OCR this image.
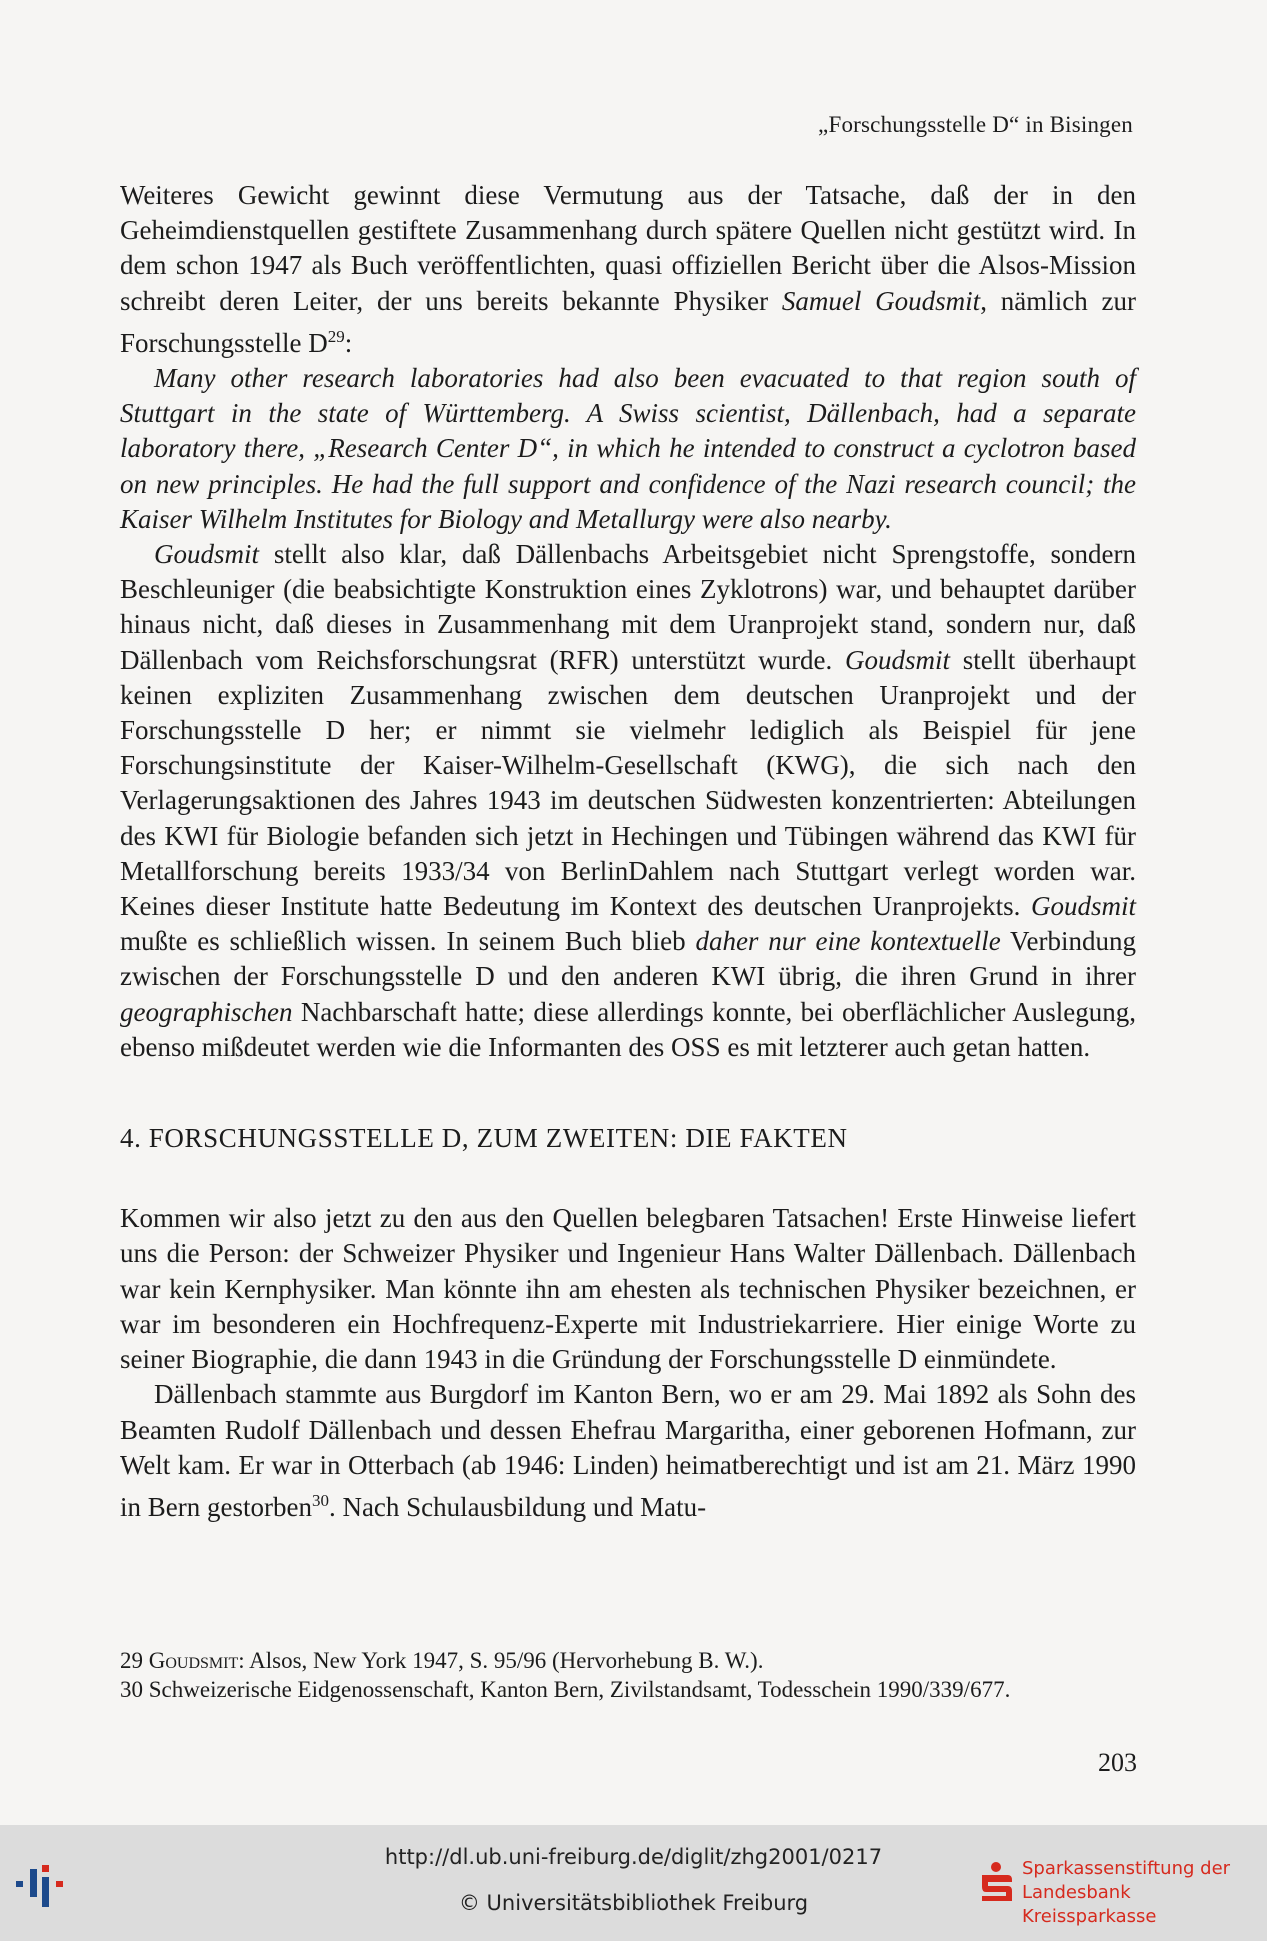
„Forschungsstelle D“ in Bisingen

Weiteres Gewicht gewinnt diese Vermutung aus der Tatsache, daß der in den Geheimdienstquellen gestiftete Zusammenhang durch spätere Quellen nicht gestützt wird. In dem schon 1947 als Buch veröffentlichten, quasi offiziellen Bericht über die Alsos-Mission schreibt deren Leiter, der uns bereits bekannte Physiker Samuel Goudsmit, nämlich zur Forschungsstelle $D^{29}$:

Many other research laboratories had also been evacuated to that region south of Stuttgart in the state of Württemberg. A Swiss scientist, Dällenbach, had a separate laboratory there, „Research Center D“, in which he intended to construct a cyclotron based on new principles. He had the full support and confidence of the Nazi research council; the Kaiser Wilhelm Institutes for Biology and Metallurgy were also nearby.

Goudsmit stellt also klar, daß Dällenbachs Arbeitsgebiet nicht Sprengstoffe, sondern Beschleuniger (die beabsichtigte Konstruktion eines Zyklotrons) war, und behauptet darüber hinaus nicht, daß dieses in Zusammenhang mit dem Uranprojekt stand, sondern nur, daß Dällenbach vom Reichsforschungsrat (RFR) unterstützt wurde. Goudsmit stellt überhaupt keinen expliziten Zusammenhang zwischen dem deutschen Uranprojekt und der Forschungsstelle D her; er nimmt sie vielmehr lediglich als Beispiel für jene Forschungsinstitute der Kaiser-Wilhelm-Gesellschaft (KWG), die sich nach den Verlagerungsaktionen des Jahres 1943 im deutschen Südwesten konzentrierten: Abteilungen des KWI für Biologie befanden sich jetzt in Hechingen und Tübingen während das KWI für Metallforschung bereits 1933/34 von BerlinDahlem nach Stuttgart verlegt worden war. Keines dieser Institute hatte Bedeutung im Kontext des deutschen Uranprojekts. Goudsmit mußte es schließlich wissen. In seinem Buch blieb daher nur eine kontextuelle Verbindung zwischen der Forschungsstelle D und den anderen KWI übrig, die ihren Grund in ihrer geographischen Nachbarschaft hatte; diese allerdings konnte, bei oberflächlicher Auslegung, ebenso mißdeutet werden wie die Informanten des OSS es mit letzterer auch getan hatten.

4. FORSCHUNGSSTELLE D, ZUM ZWEITEN: DIE FAKTEN

Kommen wir also jetzt zu den aus den Quellen belegbaren Tatsachen! Erste Hinweise liefert uns die Person: der Schweizer Physiker und Ingenieur Hans Walter Dällenbach. Dällenbach war kein Kernphysiker. Man könnte ihn am ehesten als technischen Physiker bezeichnen, er war im besonderen ein Hochfrequenz-Experte mit Industriekarriere. Hier einige Worte zu seiner Biographie, die dann 1943 in die Gründung der Forschungsstelle D einmündete.

Dällenbach stammte aus Burgdorf im Kanton Bern, wo er am 29. Mai 1892 als Sohn des Beamten Rudolf Dällenbach und dessen Ehefrau Margaritha, einer geborenen Hofmann, zur Welt kam. Er war in Otterbach (ab 1946: Linden) heimatberechtigt und ist am 21. März 1990 in Bern gestorben$^{30}$. Nach Schulausbildung und Matu-

29 Goudsmit: Alsos, New York 1947, S. 95/96 (Hervorhebung B. W.).

30 Schweizerische Eidgenossenschaft, Kanton Bern, Zivilstandsamt, Todesschein 1990/339/677.

203
http://dl.ub.uni-freiburg.de/diglit/zhg2001/0217
© Universitätsbibliothek Freiburg
Sparkassenstiftung der
Landesbank Kreissparkasse
